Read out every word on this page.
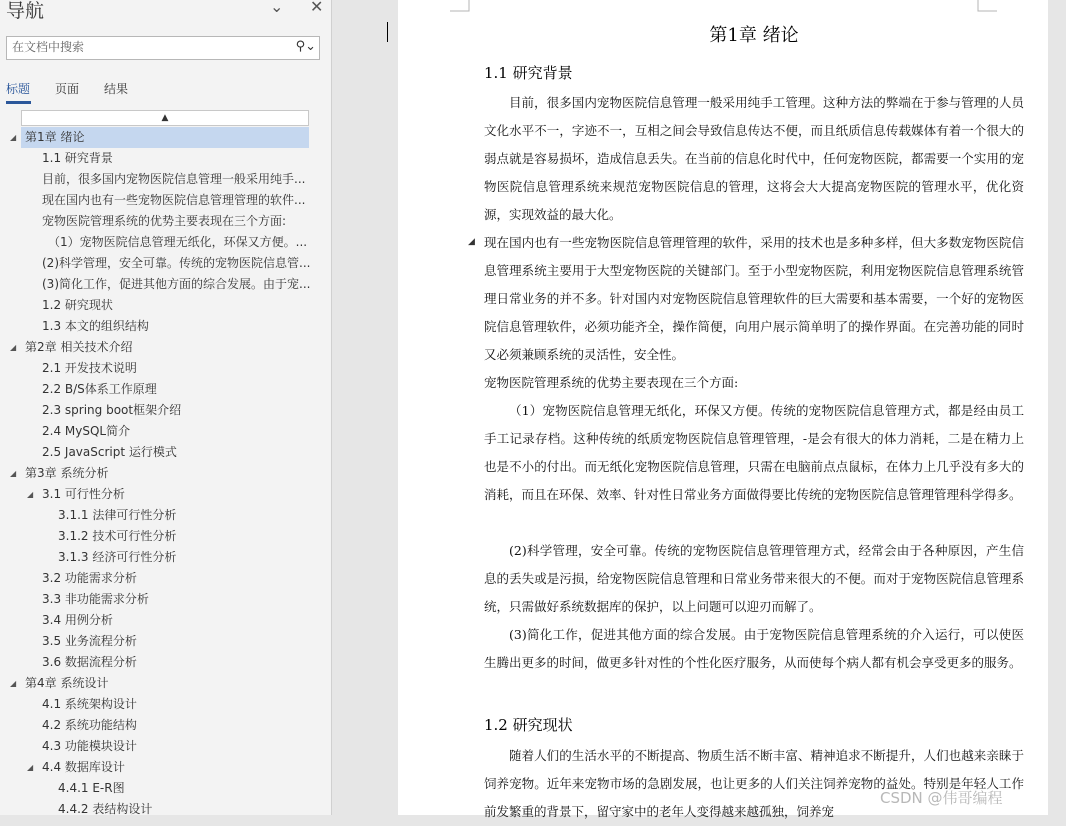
导航	⌄ ✕
在文档中搜索
⚲⌄
标题 页面 结果
▲
◢ 第1章 绪论
1.1 研究背景
目前，很多国内宠物医院信息管理一般采用纯手...
现在国内也有一些宠物医院信息管理管理的软件...
宠物医院管理系统的优势主要表现在三个方面:
（1）宠物医院信息管理无纸化，环保又方便。...
(2)科学管理，安全可靠。传统的宠物医院信息管...
(3)简化工作，促进其他方面的综合发展。由于宠...
1.2 研究现状
1.3 本文的组织结构
◢ 第2章 相关技术介绍
2.1 开发技术说明
2.2 B/S体系工作原理
2.3 spring boot框架介绍
2.4 MySQL简介
2.5 JavaScript 运行模式
◢ 第3章 系统分析
◢ 3.1 可行性分析
3.1.1 法律可行性分析
3.1.2 技术可行性分析
3.1.3 经济可行性分析
3.2 功能需求分析
3.3 非功能需求分析
3.4 用例分析
3.5 业务流程分析
3.6 数据流程分析
◢ 第4章 系统设计
4.1 系统架构设计
4.2 系统功能结构
4.3 功能模块设计
◢ 4.4 数据库设计
4.4.1 E-R图
4.4.2 表结构设计
第1章 绪论
1.1 研究背景
目前，很多国内宠物医院信息管理一般采用纯手工管理。这种方法的弊端在于参与管理的人员文化水平不一，字迹不一，互相之间会导致信息传达不便，而且纸质信息传载媒体有着一个很大的弱点就是容易损坏，造成信息丢失。在当前的信息化时代中，任何宠物医院，都需要一个实用的宠物医院信息管理系统来规范宠物医院信息的管理，这将会大大提高宠物医院的管理水平，优化资源，实现效益的最大化。
现在国内也有一些宠物医院信息管理管理的软件，采用的技术也是多种多样，但大多数宠物医院信息管理系统主要用于大型宠物医院的关键部门。至于小型宠物医院，利用宠物医院信息管理系统管理日常业务的并不多。针对国内对宠物医院信息管理软件的巨大需要和基本需要，一个好的宠物医院信息管理软件，必须功能齐全，操作简便，向用户展示简单明了的操作界面。在完善功能的同时又必须兼顾系统的灵活性，安全性。
宠物医院管理系统的优势主要表现在三个方面:
（1）宠物医院信息管理无纸化，环保又方便。传统的宠物医院信息管理方式，都是经由员工手工记录存档。这种传统的纸质宠物医院信息管理管理，-是会有很大的体力消耗，二是在精力上也是不小的付出。而无纸化宠物医院信息管理，只需在电脑前点点鼠标，在体力上几乎没有多大的消耗，而且在环保、效率、针对性日常业务方面做得要比传统的宠物医院信息管理管理科学得多。
(2)科学管理，安全可靠。传统的宠物医院信息管理管理方式，经常会由于各种原因，产生信息的丢失或是污损，给宠物医院信息管理和日常业务带来很大的不便。而对于宠物医院信息管理系统，只需做好系统数据库的保护，以上问题可以迎刃而解了。
(3)简化工作，促进其他方面的综合发展。由于宠物医院信息管理系统的介入运行，可以使医生腾出更多的时间，做更多针对性的个性化医疗服务，从而使每个病人都有机会享受更多的服务。
1.2 研究现状
随着人们的生活水平的不断提高、物质生活不断丰富、精神追求不断提升，人们也越来亲睐于饲养宠物。近年来宠物市场的急剧发展，也让更多的人们关注饲养宠物的益处。特别是年轻人工作前发繁重的背景下，留守家中的老年人变得越来越孤独，饲养宠
◢
CSDN @伟哥编程
